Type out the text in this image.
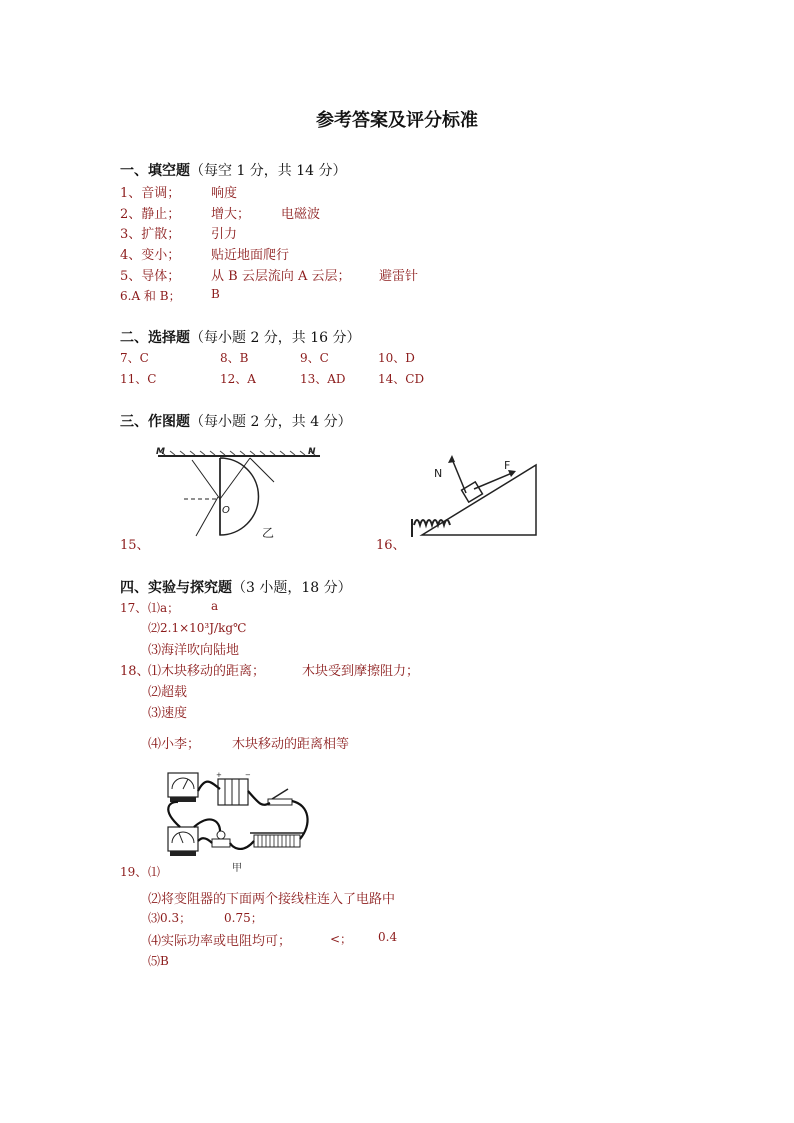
参考答案及评分标准
一、填空题（每空 1 分，共 14 分）
1、音调； 响度
2、静止； 增大； 电磁波
3、扩散； 引力
4、变小； 贴近地面爬行
5、导体； 从 B 云层流向 A 云层； 避雷针
6.A 和 B；	B
二、选择题（每小题 2 分，共 16 分）
7、C	8、B	9、C	10、D
11、C	12、A	13、AD	14、CD
三、作图题（每小题 2 分，共 4 分）
M	N
O
乙
15、
N
F
16、
四、实验与探究题（3 小题，18 分）
17、 ⑴a；	a
⑵2.1×10³J/kg℃
⑶海洋吹向陆地
18、
⑴木块移动的距离；	木块受到摩擦阻力；
⑵超载
⑶速度
⑷小李； 木块移动的距离相等
+	−
甲
19、 ⑴
⑵将变阻器的下面两个接线柱连入了电路中
⑶0.3；	0.75；
⑷实际功率或电阻均可；	<； 0.4
⑸B
